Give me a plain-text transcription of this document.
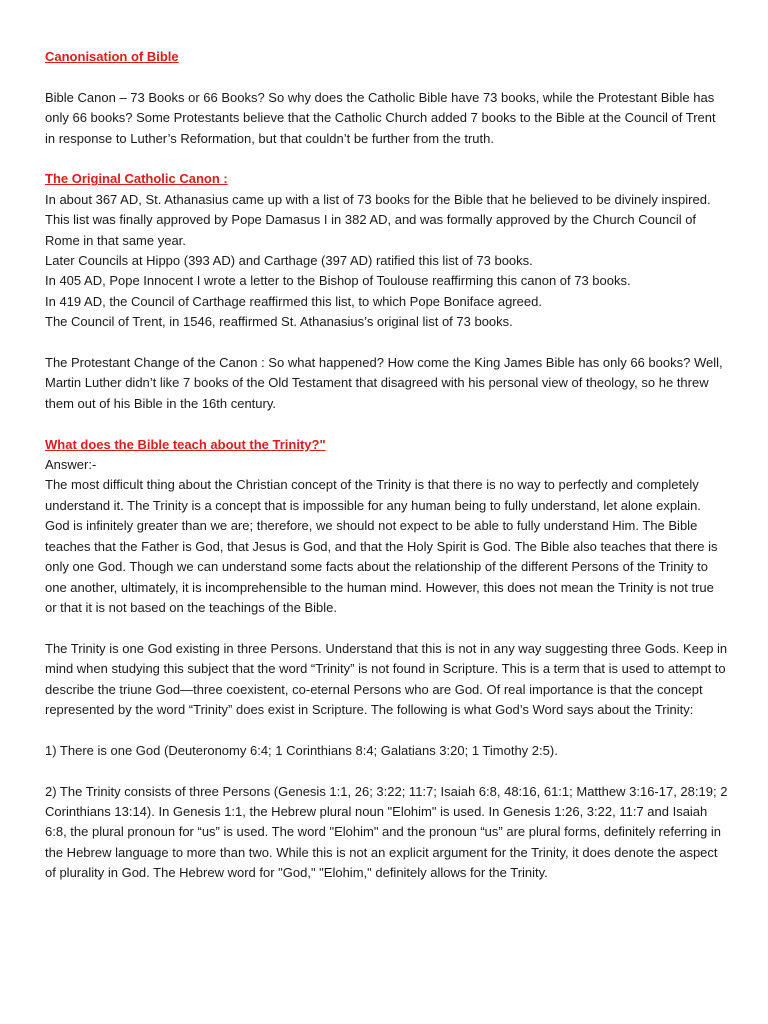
Canonisation of Bible

Bible Canon – 73 Books or 66 Books? So why does the Catholic Bible have 73 books, while the Protestant Bible has only 66 books? Some Protestants believe that the Catholic Church added 7 books to the Bible at the Council of Trent in response to Luther’s Reformation, but that couldn’t be further from the truth.

The Original Catholic Canon :

In about 367 AD, St. Athanasius came up with a list of 73 books for the Bible that he believed to be divinely inspired. This list was finally approved by Pope Damasus I in 382 AD, and was formally approved by the Church Council of Rome in that same year.

Later Councils at Hippo (393 AD) and Carthage (397 AD) ratified this list of 73 books.
In 405 AD, Pope Innocent I wrote a letter to the Bishop of Toulouse reaffirming this canon of 73 books.
In 419 AD, the Council of Carthage reaffirmed this list, to which Pope Boniface agreed.
The Council of Trent, in 1546, reaffirmed St. Athanasius’s original list of 73 books.

The Protestant Change of the Canon : So what happened? How come the King James Bible has only 66 books? Well, Martin Luther didn’t like 7 books of the Old Testament that disagreed with his personal view of theology, so he threw them out of his Bible in the 16th century.

What does the Bible teach about the Trinity?"
Answer:-

The most difficult thing about the Christian concept of the Trinity is that there is no way to perfectly and completely understand it. The Trinity is a concept that is impossible for any human being to fully understand, let alone explain. God is infinitely greater than we are; therefore, we should not expect to be able to fully understand Him. The Bible teaches that the Father is God, that Jesus is God, and that the Holy Spirit is God. The Bible also teaches that there is only one God. Though we can understand some facts about the relationship of the different Persons of the Trinity to one another, ultimately, it is incomprehensible to the human mind. However, this does not mean the Trinity is not true or that it is not based on the teachings of the Bible.

The Trinity is one God existing in three Persons. Understand that this is not in any way suggesting three Gods. Keep in mind when studying this subject that the word “Trinity” is not found in Scripture. This is a term that is used to attempt to describe the triune God—three coexistent, co-eternal Persons who are God. Of real importance is that the concept represented by the word “Trinity” does exist in Scripture. The following is what God’s Word says about the Trinity:

1) There is one God (Deuteronomy 6:4; 1 Corinthians 8:4; Galatians 3:20; 1 Timothy 2:5).

2) The Trinity consists of three Persons (Genesis 1:1, 26; 3:22; 11:7; Isaiah 6:8, 48:16, 61:1; Matthew 3:16-17, 28:19; 2 Corinthians 13:14). In Genesis 1:1, the Hebrew plural noun "Elohim" is used. In Genesis 1:26, 3:22, 11:7 and Isaiah 6:8, the plural pronoun for “us” is used. The word "Elohim" and the pronoun “us” are plural forms, definitely referring in the Hebrew language to more than two. While this is not an explicit argument for the Trinity, it does denote the aspect of plurality in God. The Hebrew word for "God," "Elohim," definitely allows for the Trinity.
